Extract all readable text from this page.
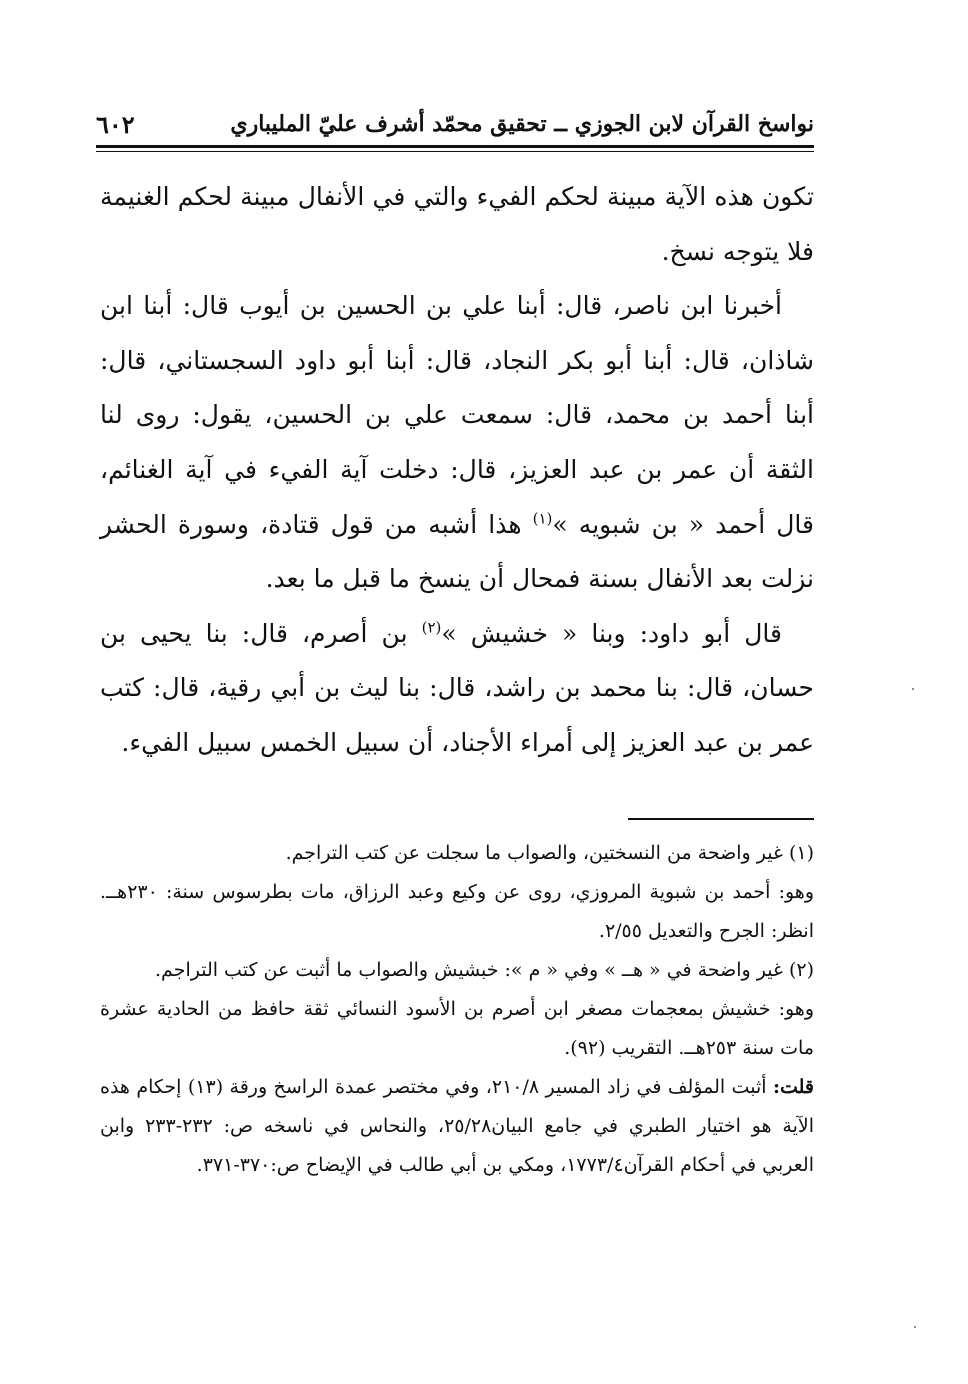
نواسخ القرآن لابن الجوزي ــ تحقيق محمّد أشرف عليّ المليباري
٦٠٢

تكون هذه الآية مبينة لحكم الفيء والتي في الأنفال مبينة لحكم الغنيمة فلا يتوجه نسخ.

أخبرنا ابن ناصر، قال: أبنا علي بن الحسين بن أيوب قال: أبنا ابن شاذان، قال: أبنا أبو بكر النجاد، قال: أبنا أبو داود السجستاني، قال: أبنا أحمد بن محمد، قال: سمعت علي بن الحسين، يقول: روى لنا الثقة أن عمر بن عبد العزيز، قال: دخلت آية الفيء في آية الغنائم، قال أحمد « بن شبويه »$^{(١)}$ هذا أشبه من قول قتادة، وسورة الحشر نزلت بعد الأنفال بسنة فمحال أن ينسخ ما قبل ما بعد.

قال أبو داود: وبنا « خشيش »$^{(٢)}$ بن أصرم، قال: بنا يحيى بن حسان، قال: بنا محمد بن راشد، قال: بنا ليث بن أبي رقية، قال: كتب عمر بن عبد العزيز إلى أمراء الأجناد، أن سبيل الخمس سبيل الفيء.

(١) غير واضحة من النسختين، والصواب ما سجلت عن كتب التراجم.

وهو: أحمد بن شبوية المروزي، روى عن وكيع وعبد الرزاق، مات بطرسوس سنة: ٢٣٠هــ. انظر: الجرح والتعديل ٢/٥٥.

(٢) غير واضحة في « هــ » وفي « م »: خبشيش والصواب ما أثبت عن كتب التراجم.

وهو: خشيش بمعجمات مصغر ابن أصرم بن الأسود النسائي ثقة حافظ من الحادية عشرة مات سنة ٢٥٣هــ. التقريب (٩٢).

قلت: أثبت المؤلف في زاد المسير ٢١٠/٨، وفي مختصر عمدة الراسخ ورقة (١٣) إحكام هذه الآية هو اختيار الطبري في جامع البيان٢٥/٢٨، والنحاس في ناسخه ص: ٢٣٢-٢٣٣ وابن العربي في أحكام القرآن١٧٧٣/٤، ومكي بن أبي طالب في الإيضاح ص:٣٧٠-٣٧١.
